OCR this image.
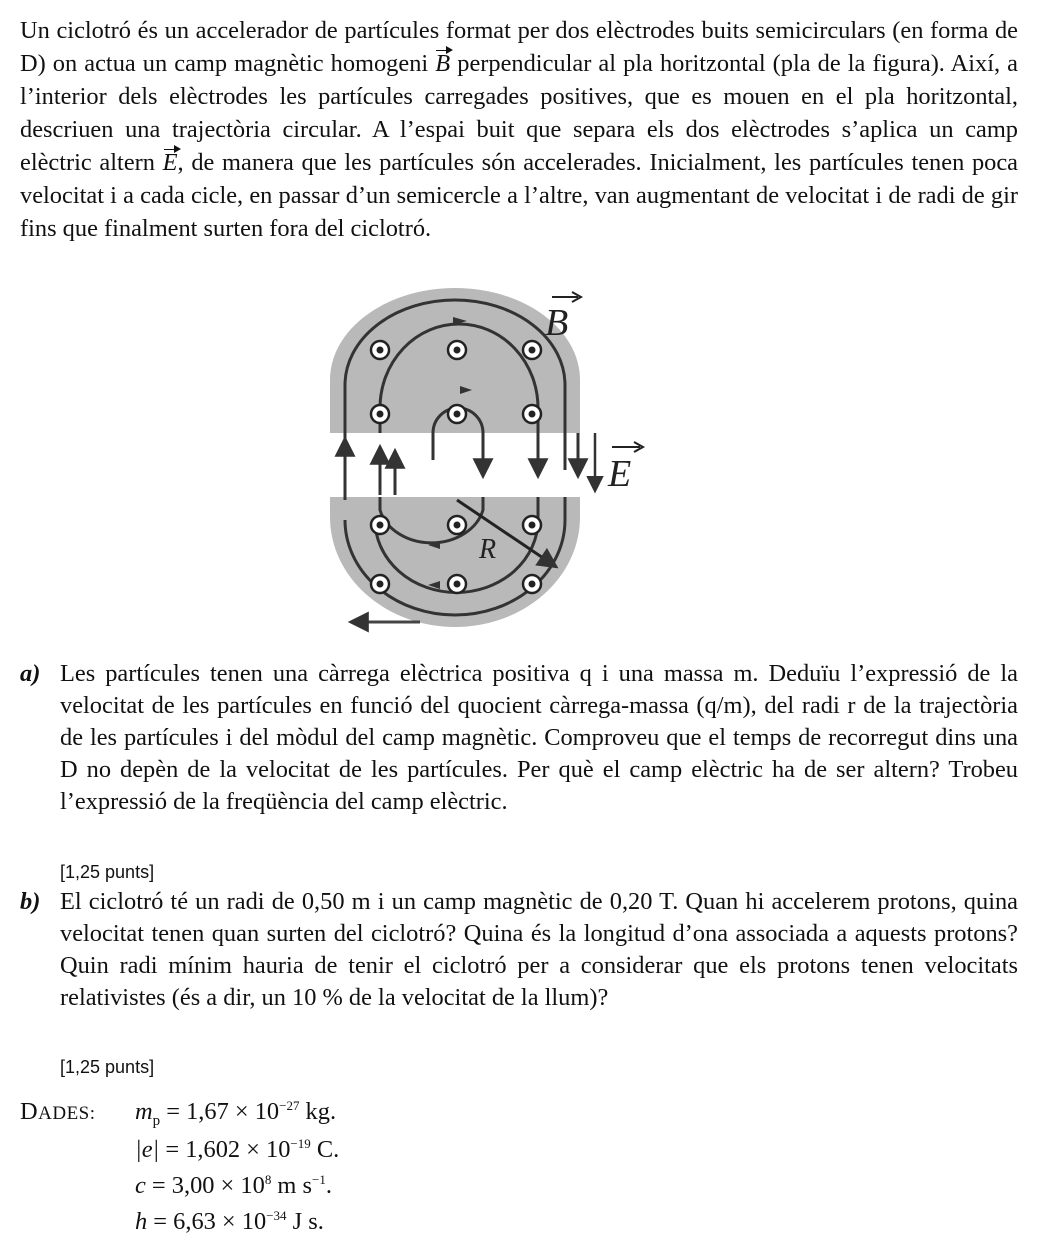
Un ciclotró és un accelerador de partícules format per dos elèctrodes buits semicirculars (en forma de D) on actua un camp magnètic homogeni B perpendicular al pla horitzontal (pla de la figura). Així, a l’interior dels elèctrodes les partícules carregades positives, que es mouen en el pla horitzontal, descriuen una trajectòria circular. A l’espai buit que separa els dos elèctrodes s’aplica un camp elèctric altern E, de manera que les partícules són accelerades. Inicialment, les partícules tenen poca velocitat i a cada cicle, en passar d’un semicercle a l’altre, van augmentant de velocitat i de radi de gir fins que finalment surten fora del ciclotró.

B
E
R
a) Les partícules tenen una càrrega elèctrica positiva q i una massa m. Deduïu l’expressió de la velocitat de les partícules en funció del quocient càrrega-massa (q/m), del radi r de la trajectòria de les partícules i del mòdul del camp magnètic. Comproveu que el temps de recorregut dins una D no depèn de la velocitat de les partícules. Per què el camp elèctric ha de ser altern? Trobeu l’expressió de la freqüència del camp elèctric.
[1,25 punts]
b) El ciclotró té un radi de 0,50 m i un camp magnètic de 0,20 T. Quan hi accelerem protons, quina velocitat tenen quan surten del ciclotró? Quina és la longitud d’ona associada a aquests protons? Quin radi mínim hauria de tenir el ciclotró per a considerar que els protons tenen velocitats relativistes (és a dir, un 10 % de la velocitat de la llum)?
[1,25 punts]
DADES: $m_p = 1,67 \times 10^{-27}$ kg.
$|e| = 1,602 \times 10^{-19}$ C.
$c = 3,00 \times 10^8$ m $s^{-1}$.
$h = 6,63 \times 10^{-34}$ J s.
